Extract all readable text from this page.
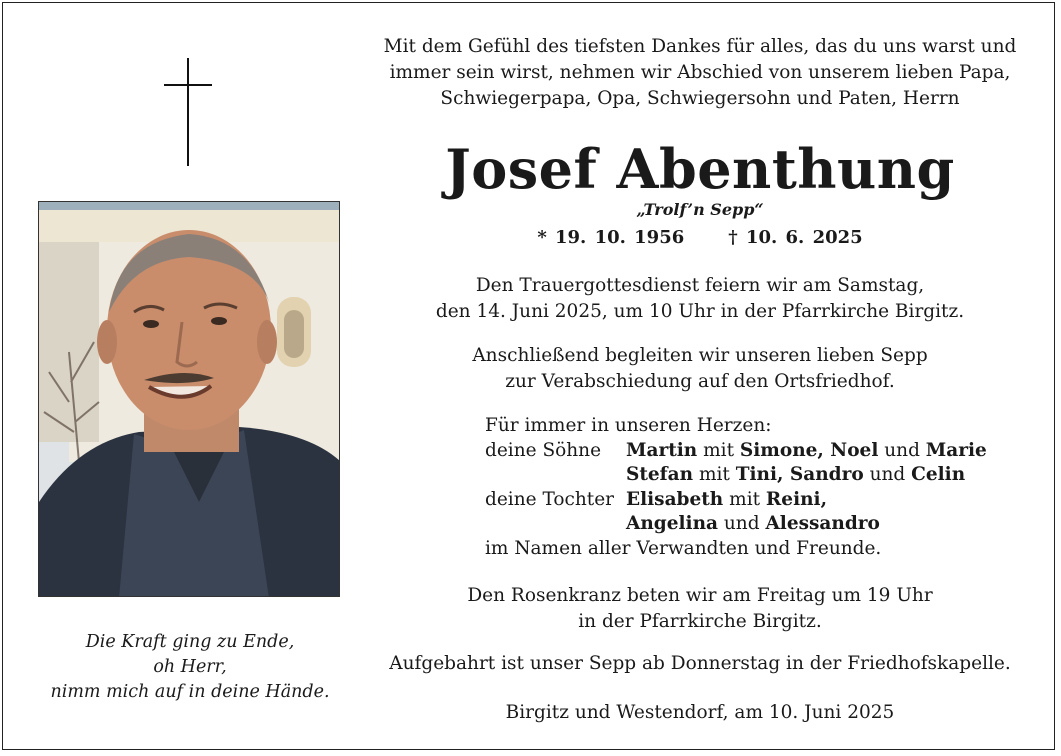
Die Kraft ging zu Ende,
oh Herr,
nimm mich auf in deine Hände.
Mit dem Gefühl des tiefsten Dankes für alles, das du uns warst und
immer sein wirst, nehmen wir Abschied von unserem lieben Papa,
Schwiegerpapa, Opa, Schwiegersohn und Paten, Herrn
Josef Abenthung
„Trolf’n Sepp“
* 19. 10. 1956 † 10. 6. 2025
Den Trauergottesdienst feiern wir am Samstag,
den 14. Juni 2025, um 10 Uhr in der Pfarrkirche Birgitz.
Anschließend begleiten wir unseren lieben Sepp
zur Verabschiedung auf den Ortsfriedhof.
Für immer in unseren Herzen:
deine Söhne	Martin mit Simone, Noel und Marie
Stefan mit Tini, Sandro und Celin
deine Tochter Elisabeth mit Reini,
Angelina und Alessandro
im Namen aller Verwandten und Freunde.
Den Rosenkranz beten wir am Freitag um 19 Uhr
in der Pfarrkirche Birgitz.
Aufgebahrt ist unser Sepp ab Donnerstag in der Friedhofskapelle.
Birgitz und Westendorf, am 10. Juni 2025
